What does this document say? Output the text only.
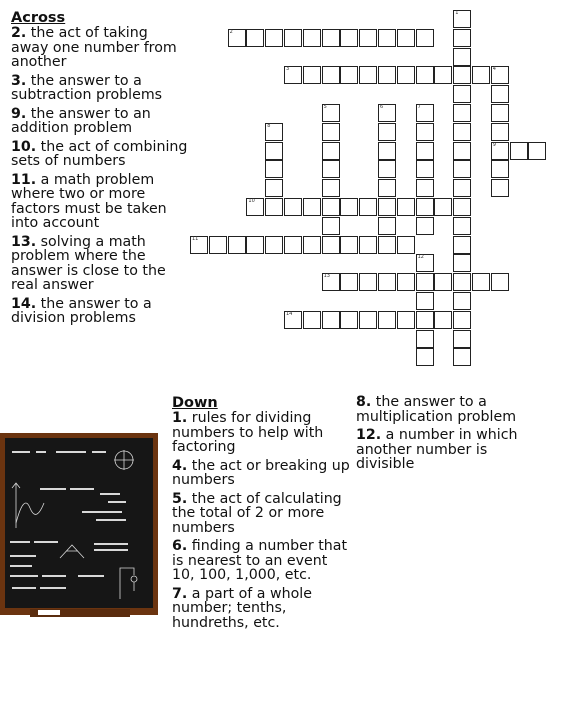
1
2
3	4
9
5	6	7
8
10
11
12
13
14
Across
2. the act of taking away one number from another
3. the answer to a subtraction problems
9. the answer to an addition problem
10. the act of combining sets of numbers
11. a math problem where two or more factors must be taken into account
13. solving a math problem where the answer is close to the real answer
14. the answer to a division problems
Down
1. rules for dividing numbers to help with factoring
4. the act or breaking up numbers
5. the act of calculating the total of 2 or more numbers
6. finding a number that is nearest to an event 10, 100, 1,000, etc.
7. a part of a whole number; tenths, hundreths, etc.
8. the answer to a multiplication problem
12. a number in which another number is divisible
